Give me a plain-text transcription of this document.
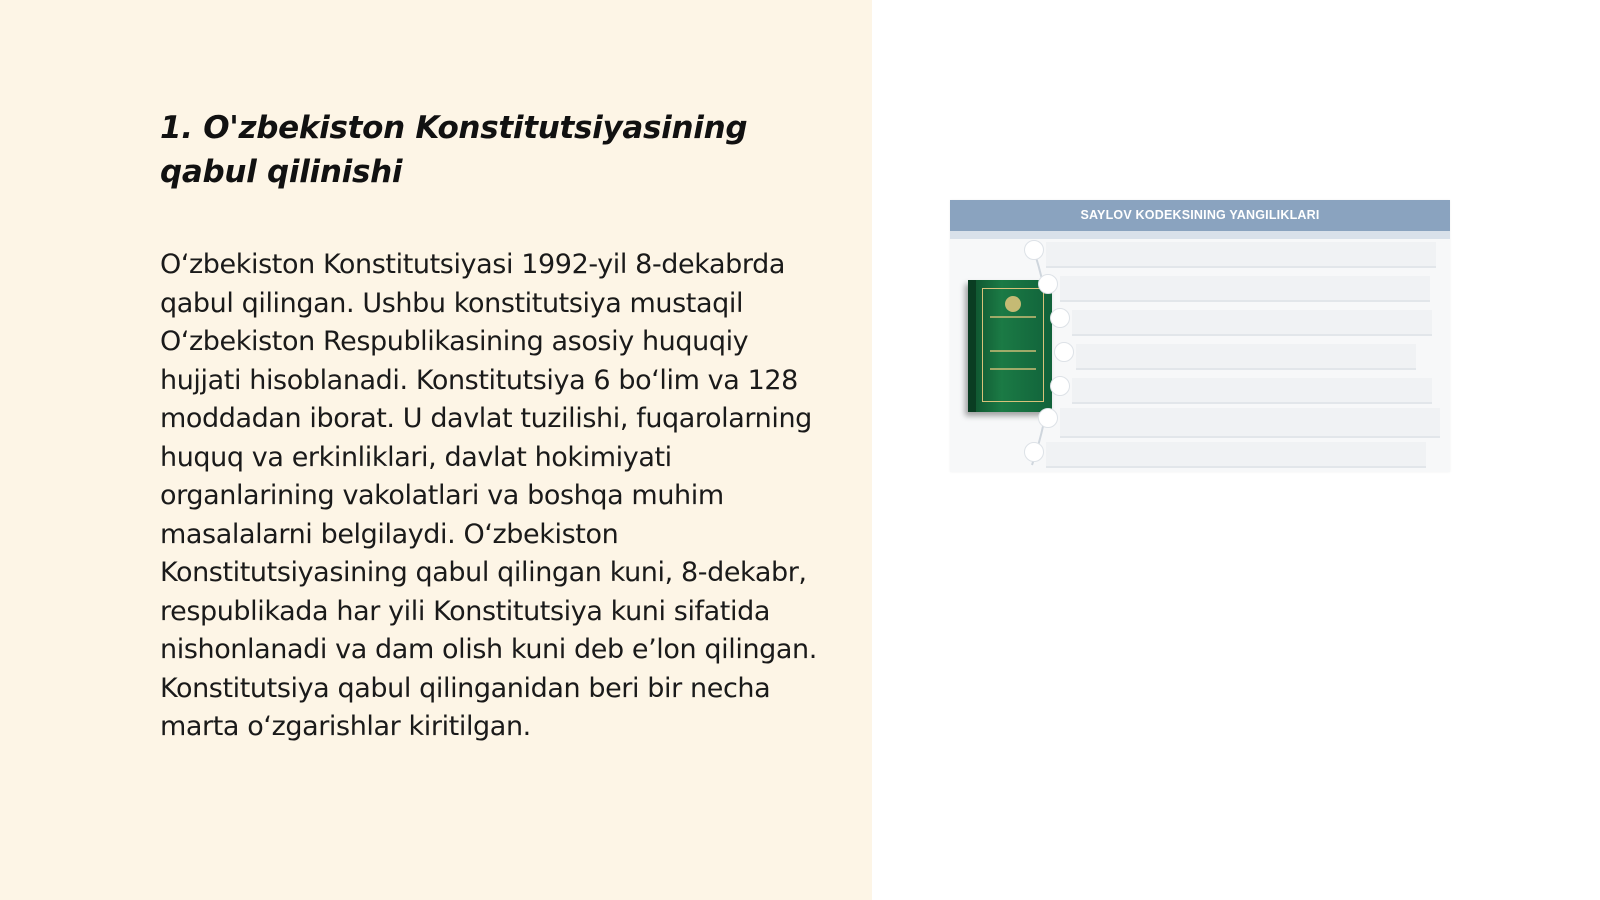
1. O'zbekiston Konstitutsiyasining qabul qilinishi

O‘zbekiston Konstitutsiyasi 1992-yil 8-dekabrda qabul qilingan. Ushbu konstitutsiya mustaqil O‘zbekiston Respublikasining asosiy huquqiy hujjati hisoblanadi. Konstitutsiya 6 bo‘lim va 128 moddadan iborat. U davlat tuzilishi, fuqarolarning huquq va erkinliklari, davlat hokimiyati organlarining vakolatlari va boshqa muhim masalalarni belgilaydi. O‘zbekiston Konstitutsiyasining qabul qilingan kuni, 8-dekabr, respublikada har yili Konstitutsiya kuni sifatida nishonlanadi va dam olish kuni deb e’lon qilingan. Konstitutsiya qabul qilinganidan beri bir necha marta o‘zgarishlar kiritilgan.

SAYLOV KODEKSINING YANGILIKLARI
